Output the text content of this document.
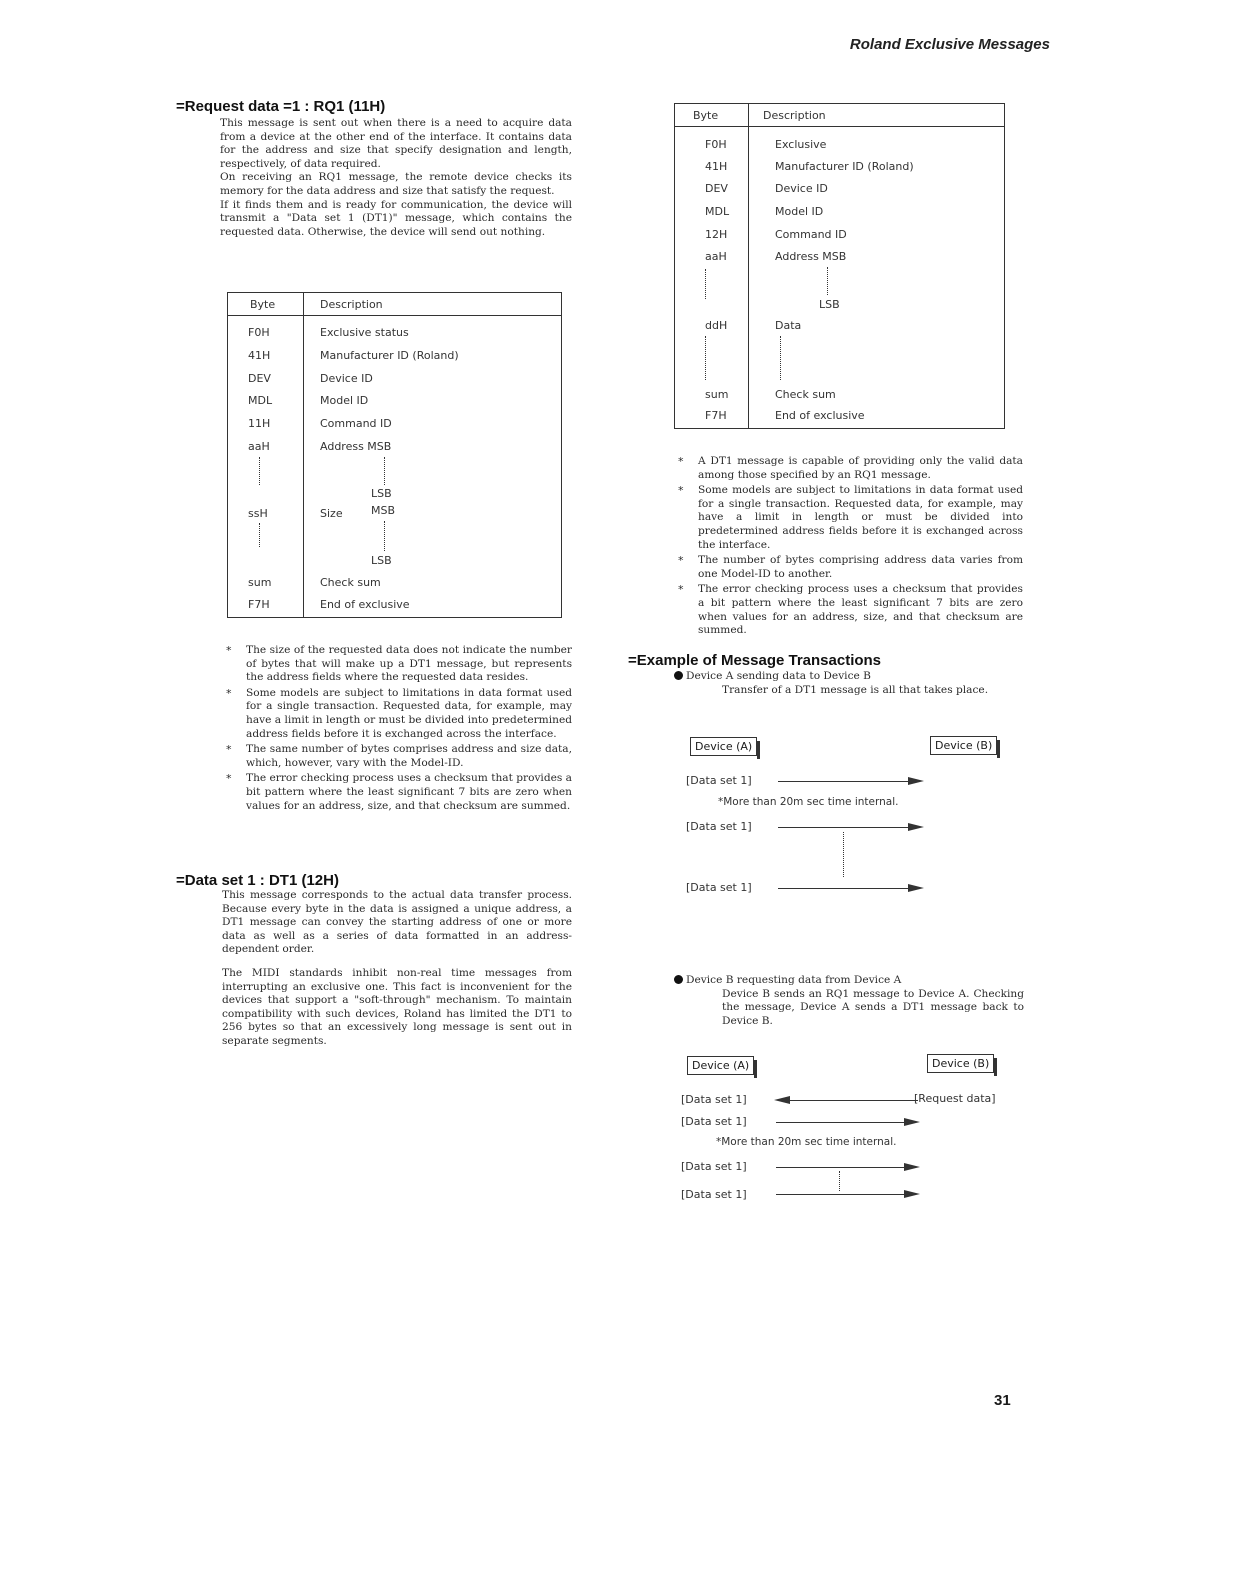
Roland Exclusive Messages
=Request data =1 : RQ1 (11H)
This message is sent out when there is a need to acquire data from a device at the other end of the interface. It contains data for the address and size that specify designation and length, respectively, of data required.
On receiving an RQ1 message, the remote device checks its memory for the data address and size that satisfy the request.
If it finds them and is ready for communication, the device will transmit a "Data set 1 (DT1)" message, which contains the requested data. Otherwise, the device will send out nothing.
Byte	Description
F0H	Exclusive status
41H	Manufacturer ID (Roland)
DEV	Device ID
MDL	Model ID
11H	Command ID
aaH	Address MSB
LSB
ssH	Size	MSB
LSB
sum	Check sum
F7H	End of exclusive
* The size of the requested data does not indicate the number of bytes that will make up a DT1 message, but represents the address fields where the requested data resides.
* Some models are subject to limitations in data format used for a single transaction. Requested data, for example, may have a limit in length or must be divided into predetermined address fields before it is exchanged across the interface.
* The same number of bytes comprises address and size data, which, however, vary with the Model-ID.
* The error checking process uses a checksum that provides a bit pattern where the least significant 7 bits are zero when values for an address, size, and that checksum are summed.
=Data set 1 : DT1 (12H)
This message corresponds to the actual data transfer process. Because every byte in the data is assigned a unique address, a DT1 message can convey the starting address of one or more data as well as a series of data formatted in an address-dependent order.
The MIDI standards inhibit non-real time messages from interrupting an exclusive one. This fact is inconvenient for the devices that support a "soft-through" mechanism. To maintain compatibility with such devices, Roland has limited the DT1 to 256 bytes so that an excessively long message is sent out in separate segments.
Byte	Description
F0H	Exclusive
41H	Manufacturer ID (Roland)
DEV	Device ID
MDL	Model ID
12H	Command ID
aaH	Address MSB
LSB
ddH	Data
sum	Check sum
F7H	End of exclusive
* A DT1 message is capable of providing only the valid data among those specified by an RQ1 message.
* Some models are subject to limitations in data format used for a single transaction. Requested data, for example, may have a limit in length or must be divided into predetermined address fields before it is exchanged across the interface.
* The number of bytes comprising address data varies from one Model-ID to another.
* The error checking process uses a checksum that provides a bit pattern where the least significant 7 bits are zero when values for an address, size, and that checksum are summed.
=Example of Message Transactions
Device A sending data to Device B
Transfer of a DT1 message is all that takes place.
Device (A)	Device (B)
[Data set 1]
*More than 20m sec time internal.
[Data set 1]
[Data set 1]
Device B requesting data from Device A
Device B sends an RQ1 message to Device A. Checking the message, Device A sends a DT1 message back to Device B.
Device (A)	Device (B)
[Data set 1]	[Request data]
[Data set 1]
*More than 20m sec time internal.
[Data set 1]
[Data set 1]
31
